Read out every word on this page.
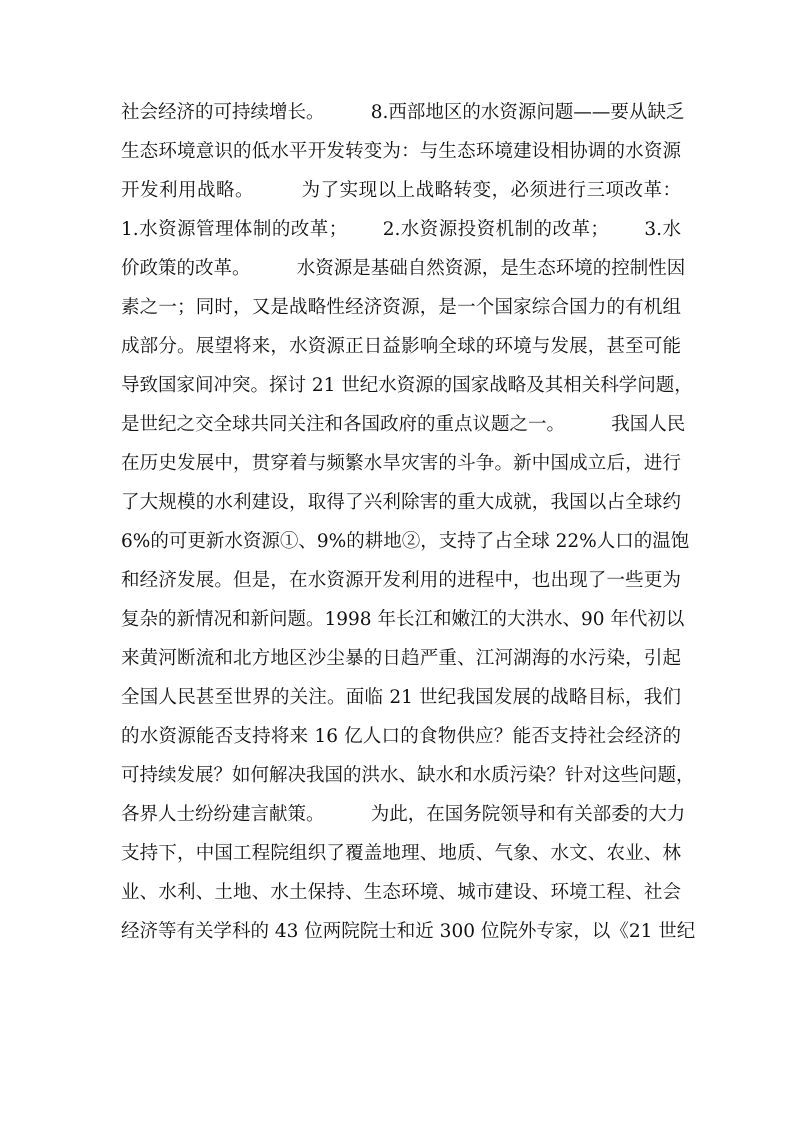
社会经济的可持续增长。　　　8.西部地区的水资源问题——要从缺乏
生态环境意识的低水平开发转变为：与生态环境建设相协调的水资源
开发利用战略。　　　为了实现以上战略转变，必须进行三项改革：
1.水资源管理体制的改革；　　 2.水资源投资机制的改革；　　 3.水
价政策的改革。　　　水资源是基础自然资源，是生态环境的控制性因
素之一；同时，又是战略性经济资源，是一个国家综合国力的有机组
成部分。展望将来，水资源正日益影响全球的环境与发展，甚至可能
导致国家间冲突。探讨 21 世纪水资源的国家战略及其相关科学问题，
是世纪之交全球共同关注和各国政府的重点议题之一。　　　我国人民
在历史发展中，贯穿着与频繁水旱灾害的斗争。新中国成立后，进行
了大规模的水利建设，取得了兴利除害的重大成就，我国以占全球约
6%的可更新水资源①、9%的耕地②，支持了占全球 22%人口的温饱
和经济发展。但是，在水资源开发利用的进程中，也出现了一些更为
复杂的新情况和新问题。1998 年长江和嫩江的大洪水、90 年代初以
来黄河断流和北方地区沙尘暴的日趋严重、江河湖海的水污染，引起
全国人民甚至世界的关注。面临 21 世纪我国发展的战略目标，我们
的水资源能否支持将来 16 亿人口的食物供应？能否支持社会经济的
可持续发展？如何解决我国的洪水、缺水和水质污染？针对这些问题，
各界人士纷纷建言献策。　　　为此，在国务院领导和有关部委的大力
支持下，中国工程院组织了覆盖地理、地质、气象、水文、农业、林
业、水利、土地、水土保持、生态环境、城市建设、环境工程、社会
经济等有关学科的 43 位两院院士和近 300 位院外专家，以《21 世纪
